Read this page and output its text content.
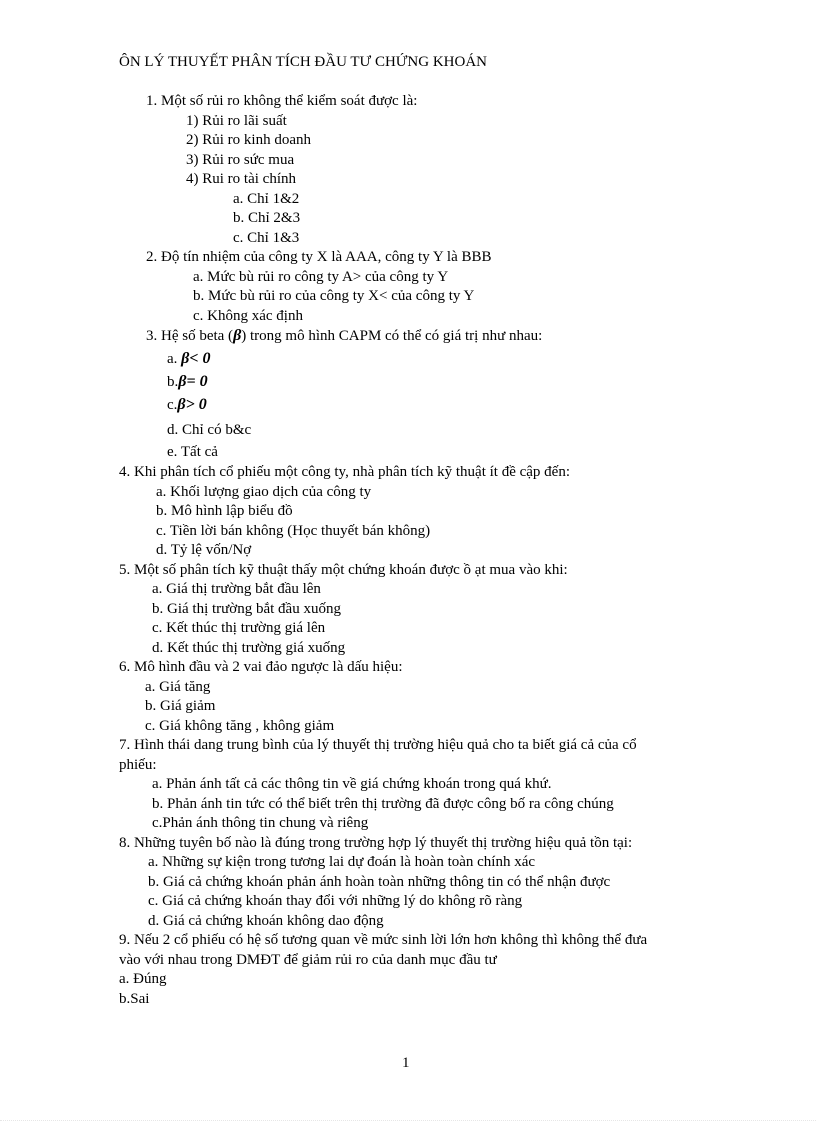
ÔN LÝ THUYẾT PHÂN TÍCH ĐẦU TƯ CHỨNG KHOÁN
1. Một số rủi ro không thể kiểm soát được là:
1) Rủi ro lãi suất
2) Rủi ro kinh doanh
3) Rủi ro sức mua
4) Rui ro tài chính
a. Chỉ 1&2
b. Chỉ 2&3
c. Chỉ 1&3
2. Độ tín nhiệm của công ty X là AAA, công ty Y là BBB
a. Mức bù rủi ro công ty A> của công ty Y
b. Mức bù rủi ro của công ty X< của công ty Y
c. Không xác định
3. Hệ số beta (β) trong mô hình CAPM có thể có giá trị như nhau:
a. β< 0
b.β= 0
c.β> 0
d. Chỉ có b&c
e. Tất cả
4. Khi phân tích cổ phiếu một công ty, nhà phân tích kỹ thuật ít đề cập đến:
a. Khối lượng giao dịch của công ty
b. Mô hình lập biểu đồ
c. Tiền lời bán không (Học thuyết bán không)
d. Tỷ lệ vốn/Nợ
5. Một số phân tích kỹ thuật thấy một chứng khoán được ồ ạt mua vào khi:
a. Giá thị trường bắt đầu lên
b. Giá thị trường bắt đầu xuống
c. Kết thúc thị trường giá lên
d. Kết thúc thị trường giá xuống
6. Mô hình đầu và 2 vai đảo ngược là dấu hiệu:
a. Giá tăng
b. Giá giảm
c. Giá không tăng , không giảm
7. Hình thái dang trung bình của lý thuyết thị trường hiệu quả cho ta biết giá cả của cổ
phiếu:
a. Phản ánh tất cả các thông tin về giá chứng khoán trong quá khứ.
b. Phản ánh tin tức có thể biết trên thị trường đã được công bố ra công chúng
c.Phản ánh thông tin chung và riêng
8. Những tuyên bố nào là đúng trong trường hợp lý thuyết thị trường hiệu quả tồn tại:
a. Những sự kiện trong tương lai dự đoán là hoàn toàn chính xác
b. Giá cả chứng khoán phản ánh hoàn toàn những thông tin có thể nhận được
c. Giá cả chứng khoán thay đổi với những lý do không rõ ràng
d. Giá cả chứng khoán không dao động
9. Nếu 2 cổ phiếu có hệ số tương quan về mức sinh lời lớn hơn không thì không thể đưa
vào với nhau trong DMĐT để giảm rủi ro của danh mục đầu tư
a. Đúng
b.Sai
1
